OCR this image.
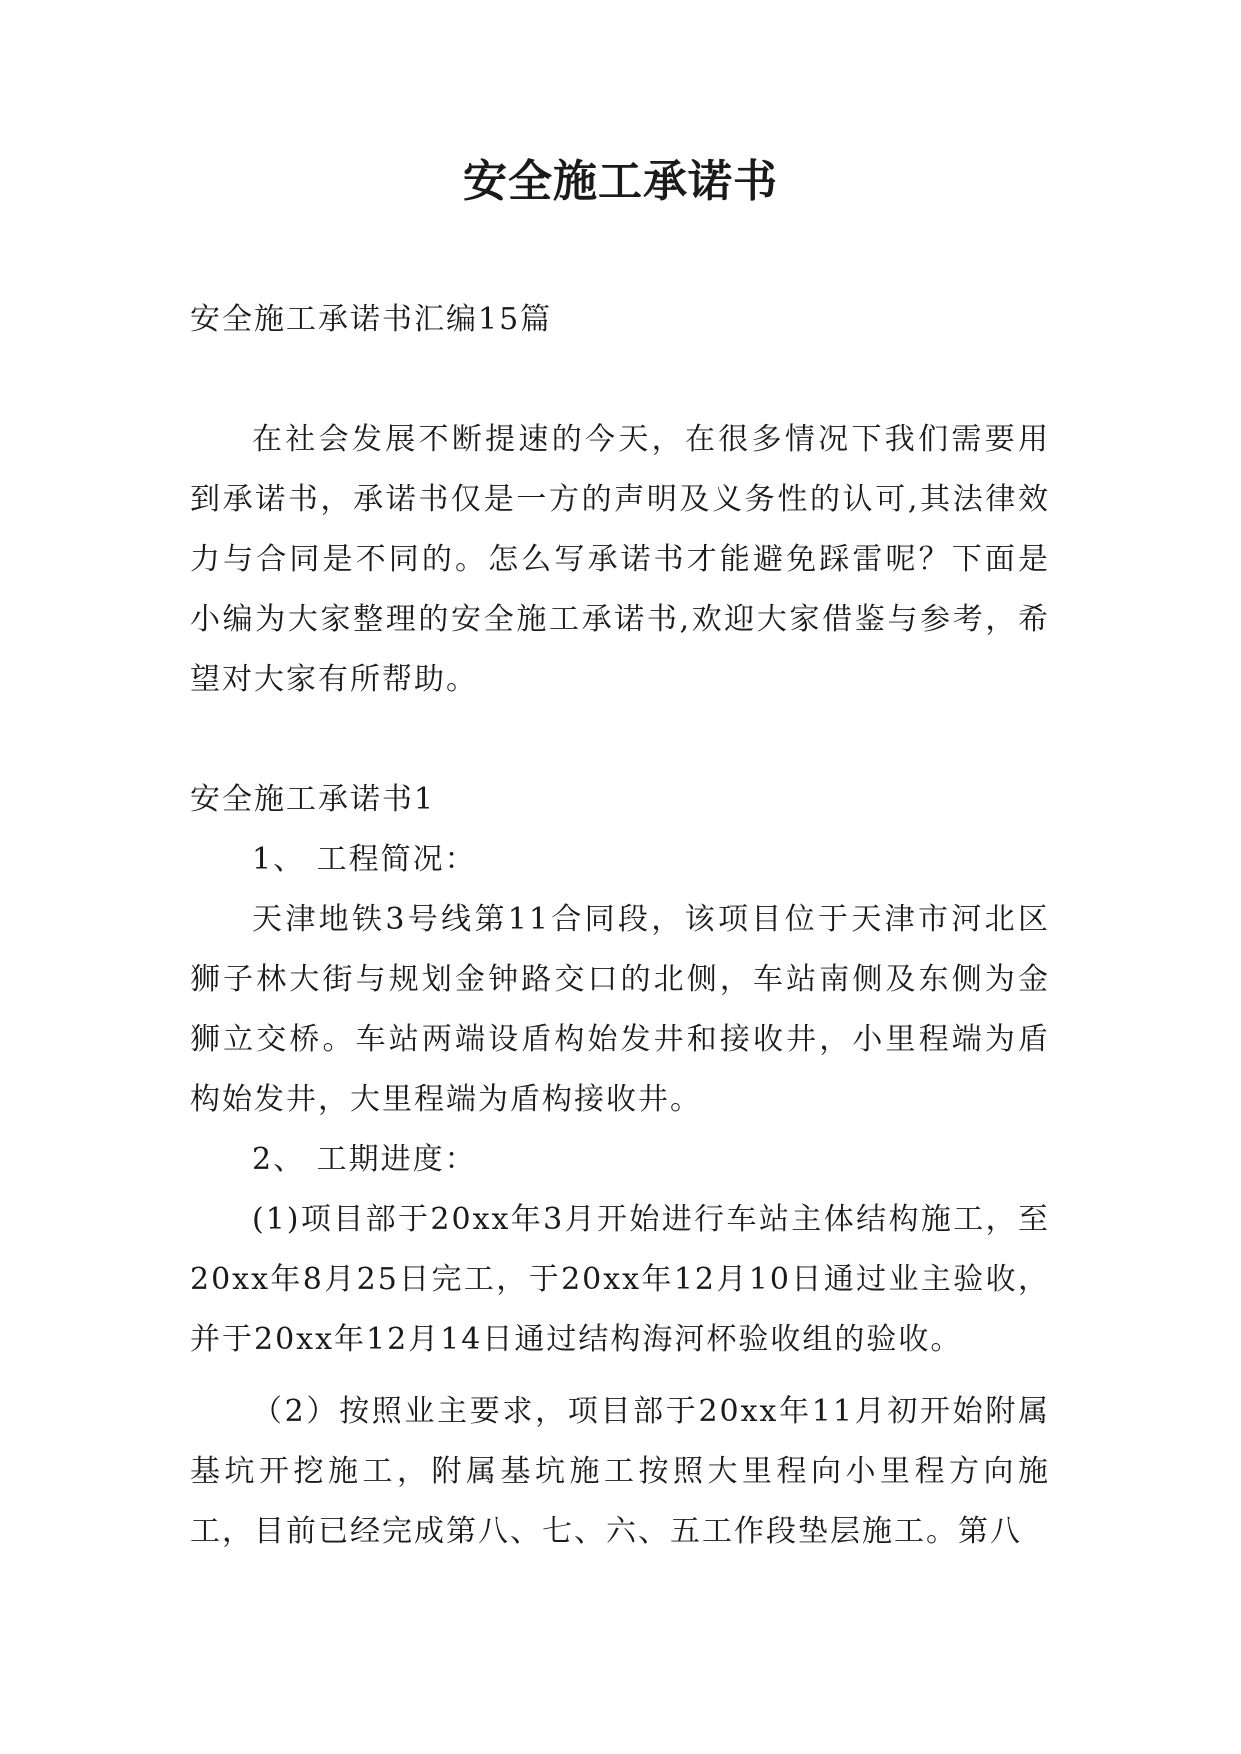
安全施工承诺书

安全施工承诺书汇编15篇

在社会发展不断提速的今天，在很多情况下我们需要用到承诺书，承诺书仅是一方的声明及义务性的认可,其法律效力与合同是不同的。怎么写承诺书才能避免踩雷呢？下面是小编为大家整理的安全施工承诺书,欢迎大家借鉴与参考，希望对大家有所帮助。

安全施工承诺书1

1、 工程简况：

天津地铁3号线第11合同段，该项目位于天津市河北区狮子林大街与规划金钟路交口的北侧，车站南侧及东侧为金狮立交桥。车站两端设盾构始发井和接收井，小里程端为盾构始发井，大里程端为盾构接收井。

2、 工期进度：

(1)项目部于20xx年3月开始进行车站主体结构施工，至20xx年8月25日完工，于20xx年12月10日通过业主验收，并于20xx年12月14日通过结构海河杯验收组的验收。

（2）按照业主要求，项目部于20xx年11月初开始附属基坑开挖施工，附属基坑施工按照大里程向小里程方向施工，目前已经完成第八、七、六、五工作段垫层施工。第八
